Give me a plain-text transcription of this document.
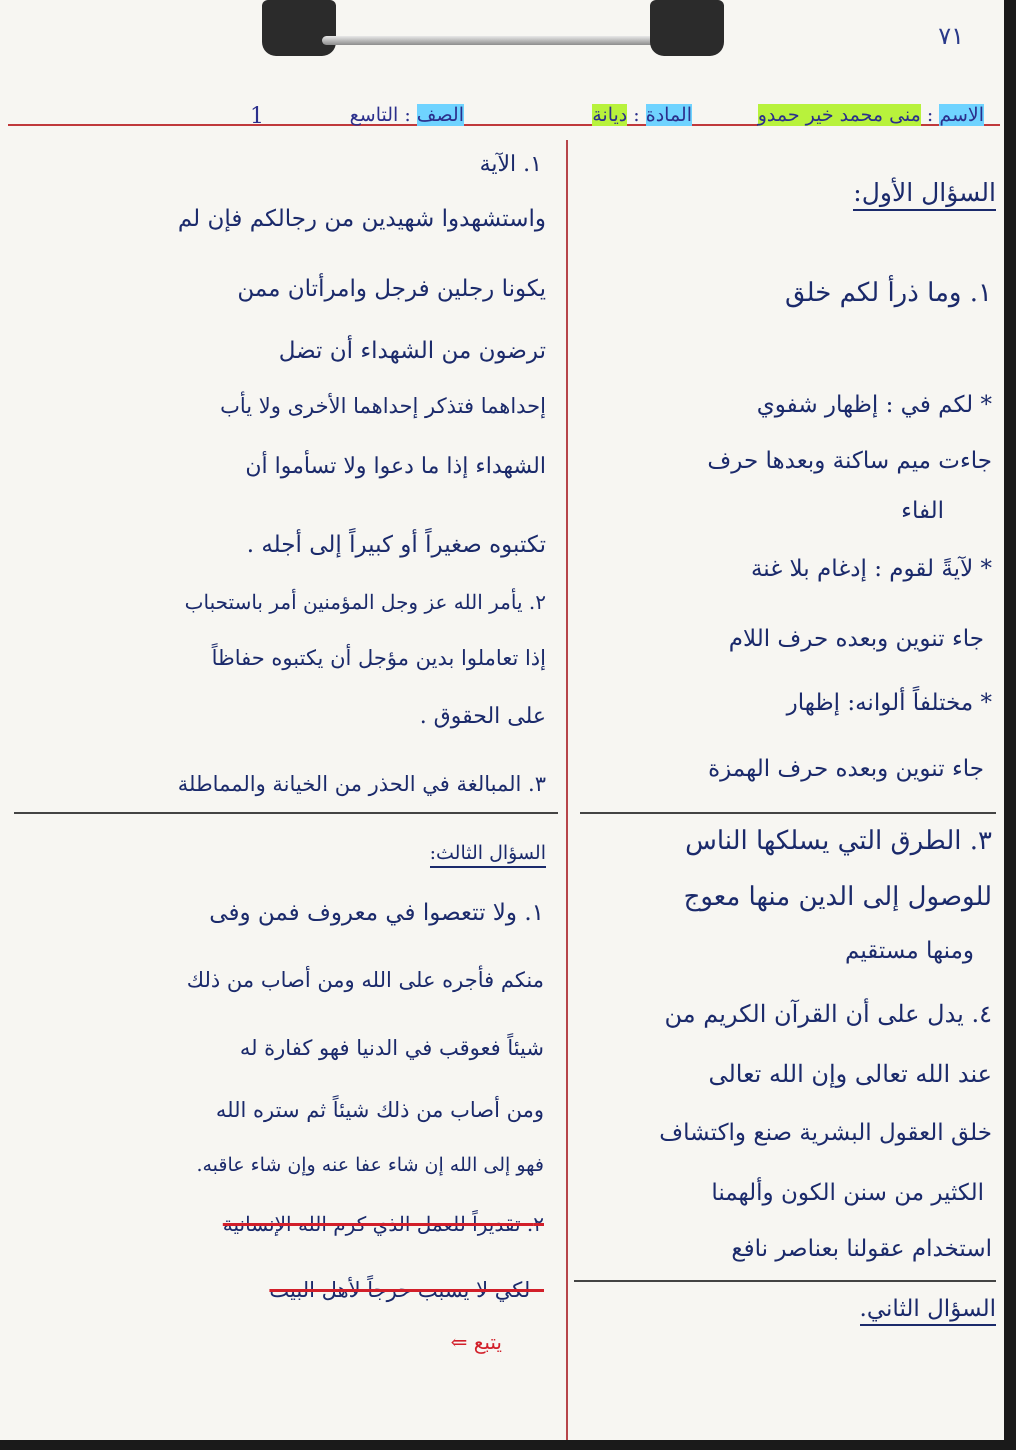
٧١
الاسم : منى محمد خير حمدو
المادة : ديانة
الصف : التاسع
1
السؤال الأول:
١. وما ذرأ لكم خلق
* لكم في : إظهار شفوي
جاءت ميم ساكنة وبعدها حرف
الفاء
* لآيةً لقوم : إدغام بلا غنة
جاء تنوين وبعده حرف اللام
* مختلفاً ألوانه: إظهار
جاء تنوين وبعده حرف الهمزة
٣. الطرق التي يسلكها الناس
للوصول إلى الدين منها معوج
ومنها مستقيم
٤. يدل على أن القرآن الكريم من
عند الله تعالى وإن الله تعالى
خلق العقول البشرية صنع واكتشاف
الكثير من سنن الكون وألهمنا
استخدام عقولنا بعناصر نافع
السؤال الثاني.
١. الآية
واستشهدوا شهيدين من رجالكم فإن لم
يكونا رجلين فرجل وامرأتان ممن
ترضون من الشهداء أن تضل
إحداهما فتذكر إحداهما الأخرى ولا يأب
الشهداء إذا ما دعوا ولا تسأموا أن
تكتبوه صغيراً أو كبيراً إلى أجله .
٢. يأمر الله عز وجل المؤمنين أمر باستحباب
إذا تعاملوا بدين مؤجل أن يكتبوه حفاظاً
على الحقوق .
٣. المبالغة في الحذر من الخيانة والمماطلة
السؤال الثالث:
١. ولا تتعصوا في معروف فمن وفى
منكم فأجره على الله ومن أصاب من ذلك
شيئاً فعوقب في الدنيا فهو كفارة له
ومن أصاب من ذلك شيئاً ثم ستره الله
فهو إلى الله إن شاء عفا عنه وإن شاء عاقبه.
٢. تقديراً للعمل الذي كرم الله الإنسانية
- لكي لا يسبب حرجاً لأهل البيت
يتبع ⇐
